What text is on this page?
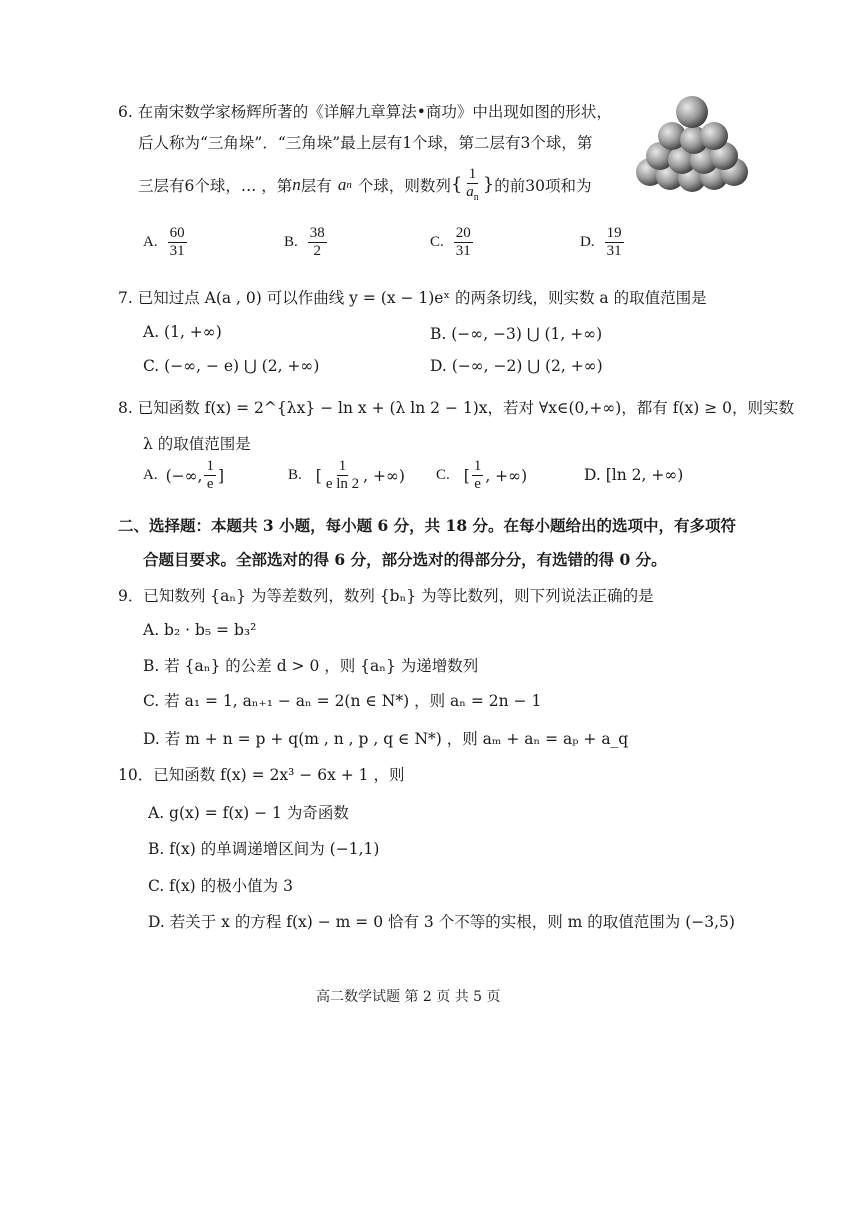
6. 在南宋数学家杨辉所著的《详解九章算法•商功》中出现如图的形状，
后人称为“三角垛”．“三角垛”最上层有1个球，第二层有3个球，第
三层有6个球，… ，第 n 层有 a n 个球，则数列 { $\frac{1}{a_n}$ } 的前30项和为
A. $\frac{60}{31}$	B. $\frac{38}{2}$	C. $\frac{20}{31}$	D. $\frac{19}{31}$
7. 已知过点 A(a , 0) 可以作曲线 y = (x − 1)eˣ 的两条切线，则实数 a 的取值范围是
A. (1, +∞)	B. (−∞, −3) ⋃ (1, +∞)
C. (−∞, − e) ⋃ (2, +∞)	D. (−∞, −2) ⋃ (2, +∞)
8. 已知函数 f(x) = 2^{λx} − ln x + (λ ln 2 − 1)x，若对 ∀x∈(0,+∞)，都有 f(x) ≥ 0，则实数
λ 的取值范围是
A. (−∞, $\frac{1}{e}$ ]	B. [ $\frac{1}{\text{e ln 2}}$ , +∞) C. [ $\frac{1}{e}$ , +∞)	D. [ln 2, +∞)
二、选择题：本题共 3 小题，每小题 6 分，共 18 分。在每小题给出的选项中，有多项符
合题目要求。全部选对的得 6 分，部分选对的得部分分，有选错的得 0 分。
9．已知数列 {aₙ} 为等差数列，数列 {bₙ} 为等比数列，则下列说法正确的是
A. b₂ · b₅ = b₃²
B. 若 {aₙ} 的公差 d > 0 ，则 {aₙ} 为递增数列
C. 若 a₁ = 1, aₙ₊₁ − aₙ = 2(n ∈ N*) ，则 aₙ = 2n − 1
D. 若 m + n = p + q(m , n , p , q ∈ N*) ，则 aₘ + aₙ = aₚ + a_q
10．已知函数 f(x) = 2x³ − 6x + 1 ，则
A. g(x) = f(x) − 1 为奇函数
B. f(x) 的单调递增区间为 (−1,1)
C. f(x) 的极小值为 3
D. 若关于 x 的方程 f(x) − m = 0 恰有 3 个不等的实根，则 m 的取值范围为 (−3,5)
高二数学试题 第 2 页 共 5 页
